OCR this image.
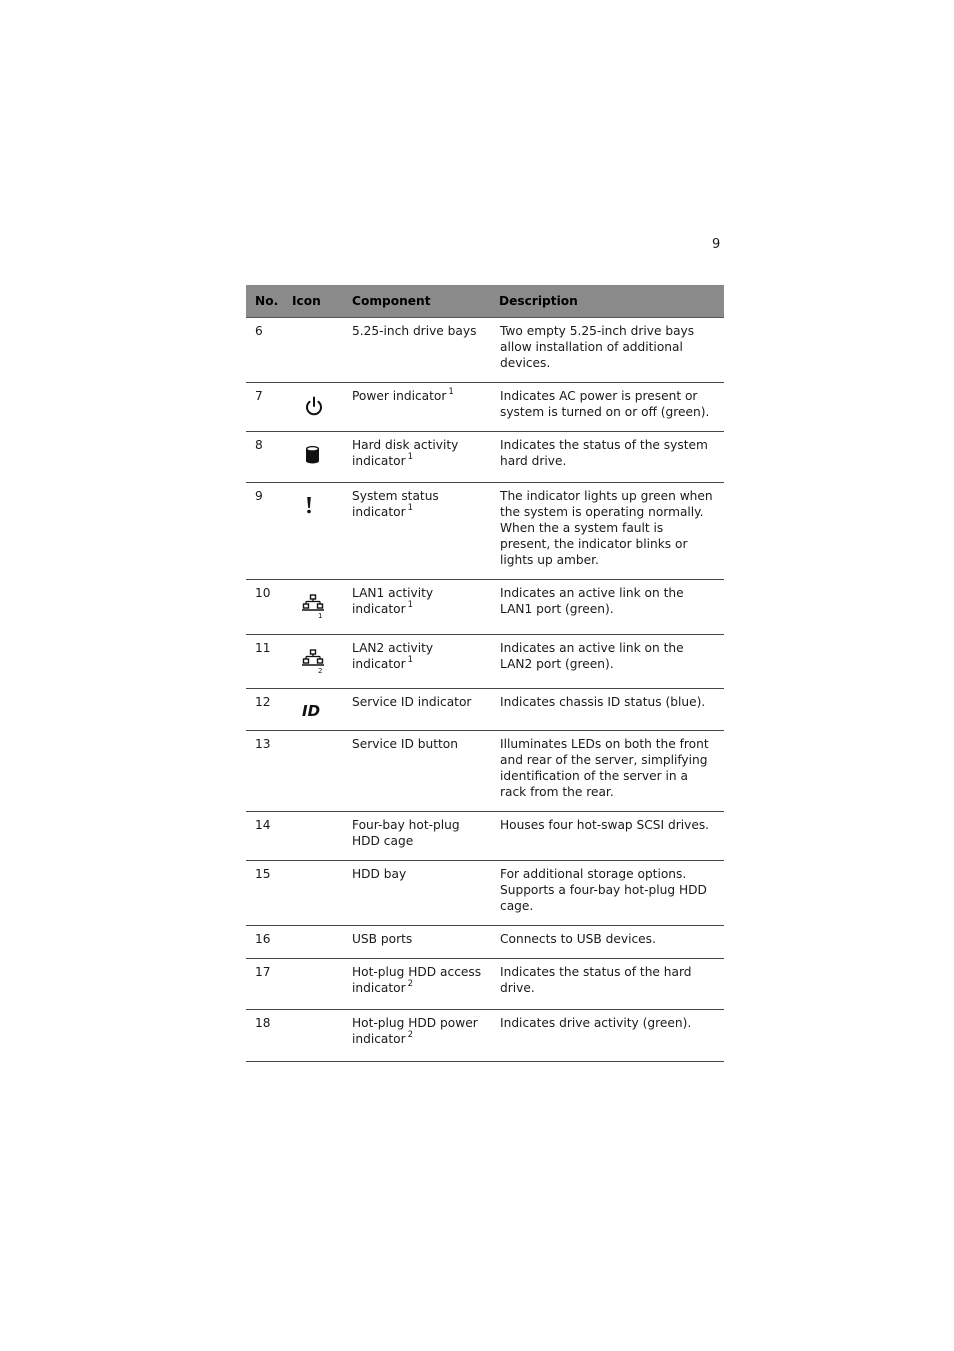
9
No.	Icon	Component	Description
6		5.25-inch drive bays	Two empty 5.25-inch drive bays allow installation of additional devices.
7		Power indicator $^1$	Indicates AC power is present or system is turned on or off (green).
8		Hard disk activity indicator $^1$	Indicates the status of the system hard drive.
9		System status indicator $^1$	The indicator lights up green when the system is operating normally. When the a system fault is present, the indicator blinks or lights up amber.
10	1	LAN1 activity indicator $^1$	Indicates an active link on the LAN1 port (green).
11	2	LAN2 activity indicator $^1$	Indicates an active link on the LAN2 port (green).
12	ID	Service ID indicator	Indicates chassis ID status (blue).
13		Service ID button	Illuminates LEDs on both the front and rear of the server, simplifying identification of the server in a rack from the rear.
14		Four-bay hot-plug HDD cage	Houses four hot-swap SCSI drives.
15		HDD bay	For additional storage options. Supports a four-bay hot-plug HDD cage.
16		USB ports	Connects to USB devices.
17		Hot-plug HDD access indicator $^2$	Indicates the status of the hard drive.
18		Hot-plug HDD power indicator $^2$	Indicates drive activity (green).
